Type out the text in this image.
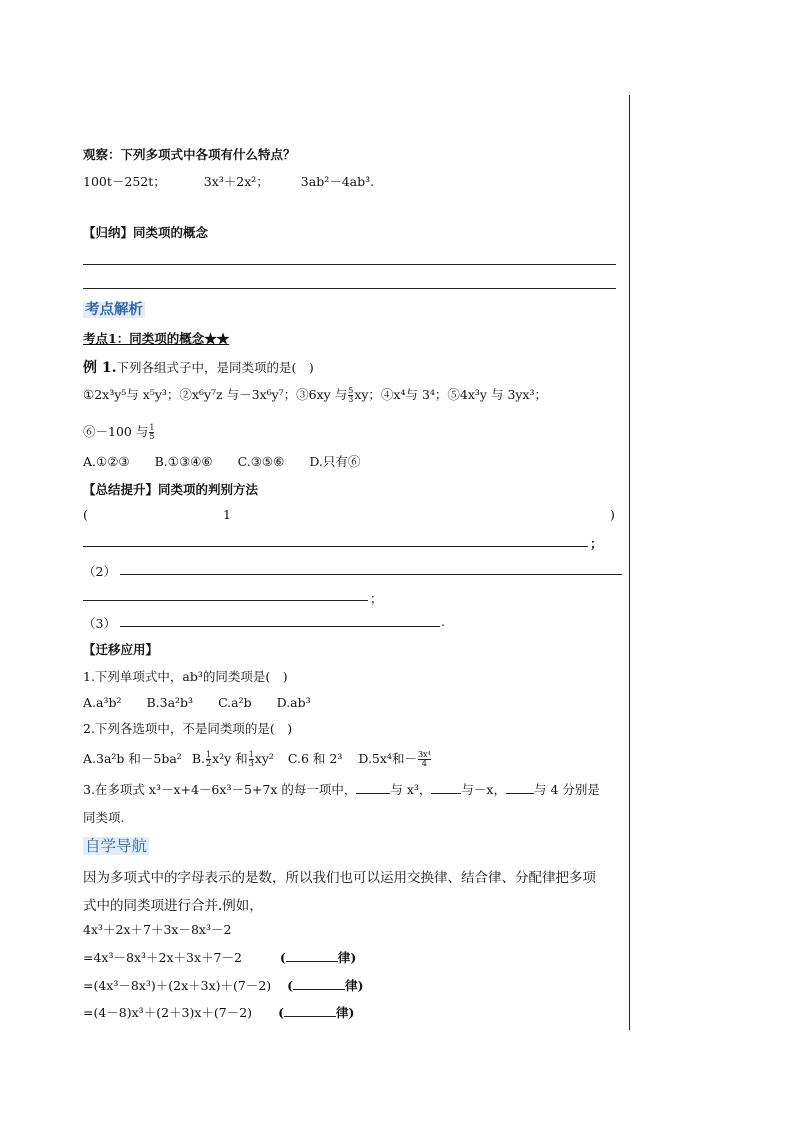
观察：下列多项式中各项有什么特点？
100t－252t；	3x³＋2x²；	3ab²－4ab³.
【归纳】同类项的概念
考点解析
考点1：同类项的概念★★
例 1.下列各组式子中，是同类项的是(　)
①2x³y⁵与 x⁵y³；②x⁶y⁷z 与－3x⁶y⁷；③6xy 与 $\frac{5}{3}$ xy；④x⁴与 3⁴；⑤4x³y 与 3yx³；
⑥－100 与 $\frac{1}{5}$
A.①②③　　B.①③④⑥　　C.③⑤⑥　　D.只有⑥
【总结提升】同类项的判别方法
(	1	)
；
（2）
；
（3）	.
【迁移应用】
1.下列单项式中，ab³的同类项是(　)
A.a³b²　　B.3a²b³　　C.a²b　　D.ab³
2.下列各选项中，不是同类项的是(　)
A.3a²b 和－5ba² B. $\frac{1}{2} x^2y$ 和 $\frac{1}{3} xy^2$ C.6 和 2³ D.5x⁴和－ $\frac{\text{3x⁴}}{4}$
3.在多项式 x³－x+4－6x³－5+7x 的每一项中，	与 x³， 与－x， 与 4 分别是
同类项.
自学导航
因为多项式中的字母表示的是数，所以我们也可以运用交换律、结合律、分配律把多项
式中的同类项进行合并.例如，
4x³＋2x＋7＋3x－8x³－2
=4x³－8x³＋2x＋3x＋7－2	(	律)
=(4x³－8x³)＋(2x＋3x)＋(7－2) (	律)
=(4－8)x³＋(2＋3)x＋(7－2) (	律)
